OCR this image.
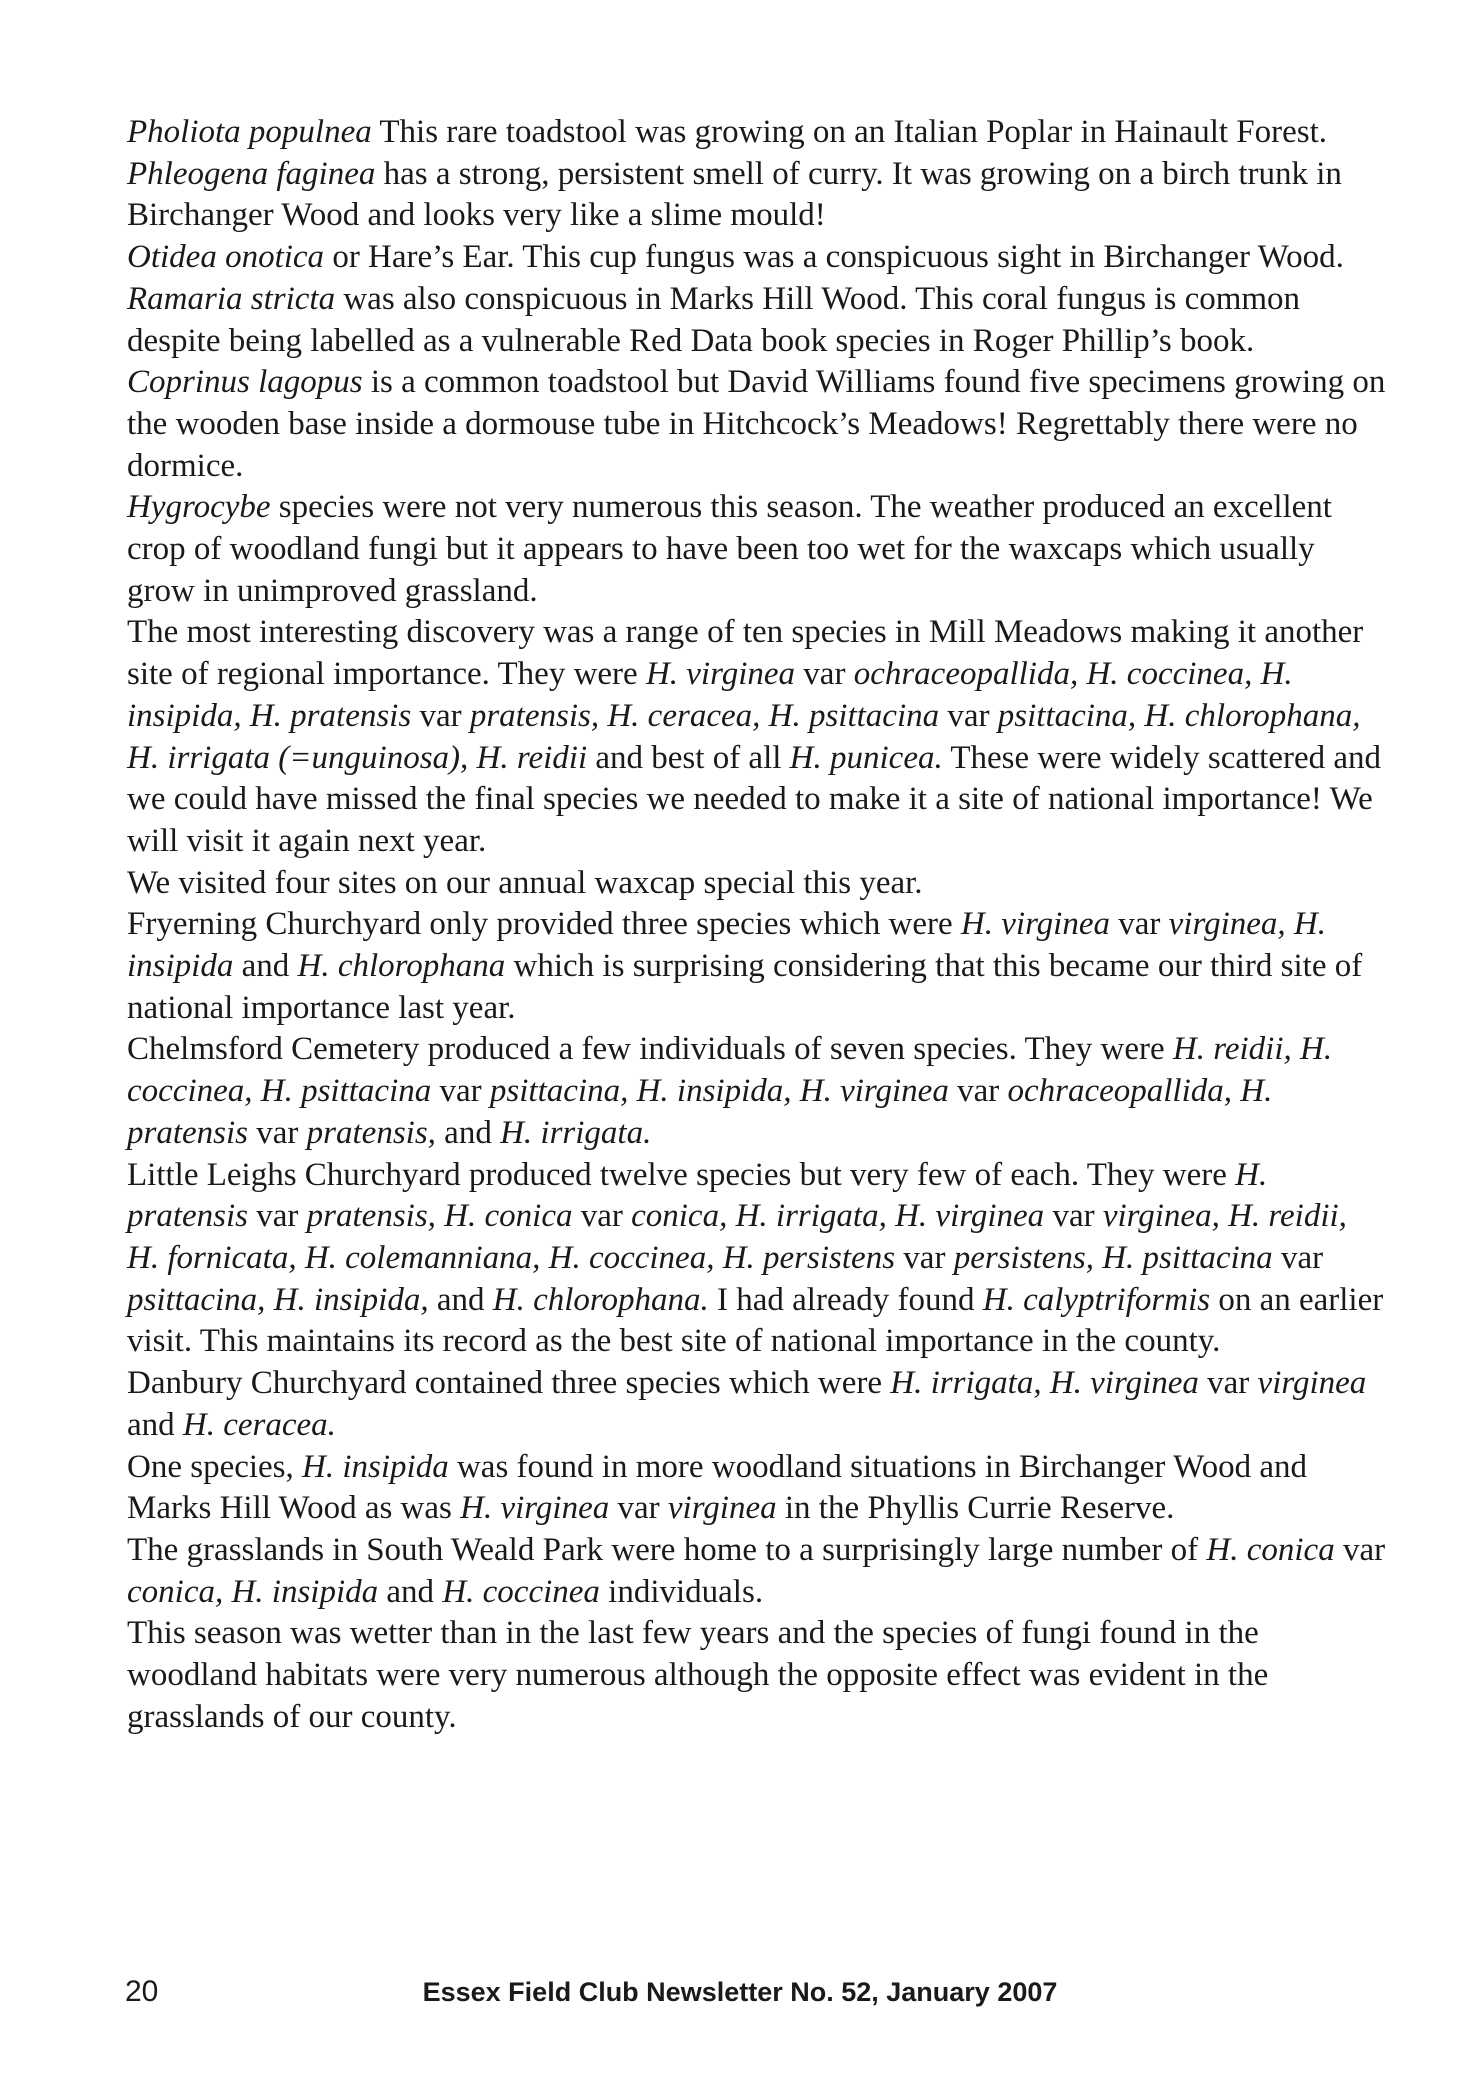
Pholiota populnea This rare toadstool was growing on an Italian Poplar in Hainault Forest.

Phleogena faginea has a strong, persistent smell of curry. It was growing on a birch trunk in Birchanger Wood and looks very like a slime mould!

Otidea onotica or Hare’s Ear. This cup fungus was a conspicuous sight in Birchanger Wood.

Ramaria stricta was also conspicuous in Marks Hill Wood. This coral fungus is common despite being labelled as a vulnerable Red Data book species in Roger Phillip’s book.

Coprinus lagopus is a common toadstool but David Williams found five specimens growing on the wooden base inside a dormouse tube in Hitchcock’s Meadows! Regrettably there were no dormice.

Hygrocybe species were not very numerous this season. The weather produced an excellent crop of woodland fungi but it appears to have been too wet for the waxcaps which usually grow in unimproved grassland.

The most interesting discovery was a range of ten species in Mill Meadows making it another site of regional importance. They were H. virginea var ochraceopallida, H. coccinea, H. insipida, H. pratensis var pratensis, H. ceracea, H. psittacina var psittacina, H. chlorophana, H. irrigata (=unguinosa), H. reidii and best of all H. punicea. These were widely scattered and we could have missed the final species we needed to make it a site of national importance! We will visit it again next year.

We visited four sites on our annual waxcap special this year.

Fryerning Churchyard only provided three species which were H. virginea var virginea, H. insipida and H. chlorophana which is surprising considering that this became our third site of national importance last year.

Chelmsford Cemetery produced a few individuals of seven species. They were H. reidii, H. coccinea, H. psittacina var psittacina, H. insipida, H. virginea var ochraceopallida, H. pratensis var pratensis, and H. irrigata.

Little Leighs Churchyard produced twelve species but very few of each. They were H. pratensis var pratensis, H. conica var conica, H. irrigata, H. virginea var virginea, H. reidii, H. fornicata, H. colemanniana, H. coccinea, H. persistens var persistens, H. psittacina var psittacina, H. insipida, and H. chlorophana. I had already found H. calyptriformis on an earlier visit. This maintains its record as the best site of national importance in the county.

Danbury Churchyard contained three species which were H. irrigata, H. virginea var virginea and H. ceracea.

One species, H. insipida was found in more woodland situations in Birchanger Wood and Marks Hill Wood as was H. virginea var virginea in the Phyllis Currie Reserve.

The grasslands in South Weald Park were home to a surprisingly large number of H. conica var conica, H. insipida and H. coccinea individuals.

This season was wetter than in the last few years and the species of fungi found in the woodland habitats were very numerous although the opposite effect was evident in the grasslands of our county.

20	Essex Field Club Newsletter No. 52, January 2007
